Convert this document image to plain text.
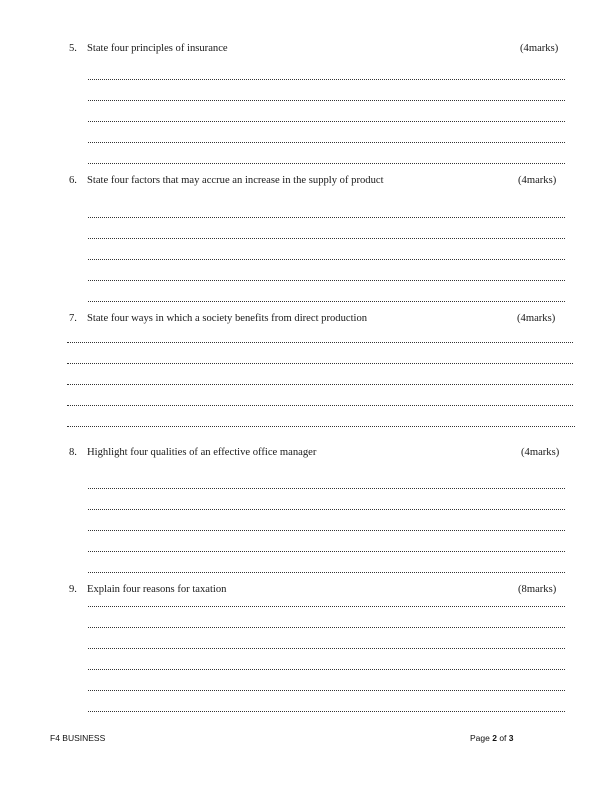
5. State four principles of insurance	(4marks)
6. State four factors that may accrue an increase in the supply of product	(4marks)
7. State four ways in which a society benefits from direct production	(4marks)
8. Highlight four qualities of an effective office manager	(4marks)
9. Explain four reasons for taxation	(8marks)
F4 BUSINESS	Page 2 of 3
